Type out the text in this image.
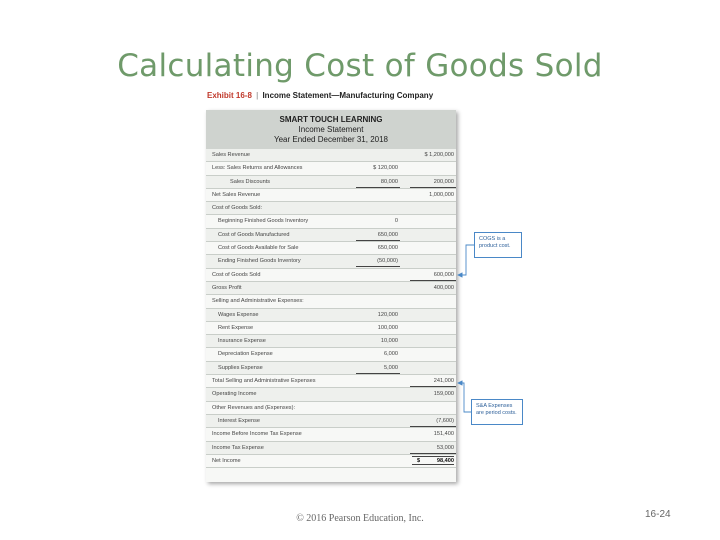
Calculating Cost of Goods Sold
Exhibit 16-8 | Income Statement—Manufacturing Company
SMART TOUCH LEARNING
Income Statement
Year Ended December 31, 2018
Sales Revenue	$ 1,200,000
Less: Sales Returns and Allowances	$ 120,000
Sales Discounts	80,000	200,000
Net Sales Revenue	1,000,000
Cost of Goods Sold:
Beginning Finished Goods Inventory	0
Cost of Goods Manufactured	650,000
Cost of Goods Available for Sale	650,000
Ending Finished Goods Inventory	(50,000)
Cost of Goods Sold	600,000
Gross Profit	400,000
Selling and Administrative Expenses:
Wages Expense	120,000
Rent Expense	100,000
Insurance Expense	10,000
Depreciation Expense	6,000
Supplies Expense	5,000
Total Selling and Administrative Expenses	241,000
Operating Income	159,000
Other Revenues and (Expenses):
Interest Expense	(7,600)
Income Before Income Tax Expense	151,400
Income Tax Expense	53,000
Net Income	$	98,400
COGS is a product cost.
S&A Expenses are period costs.
© 2016 Pearson Education, Inc.	16-24
